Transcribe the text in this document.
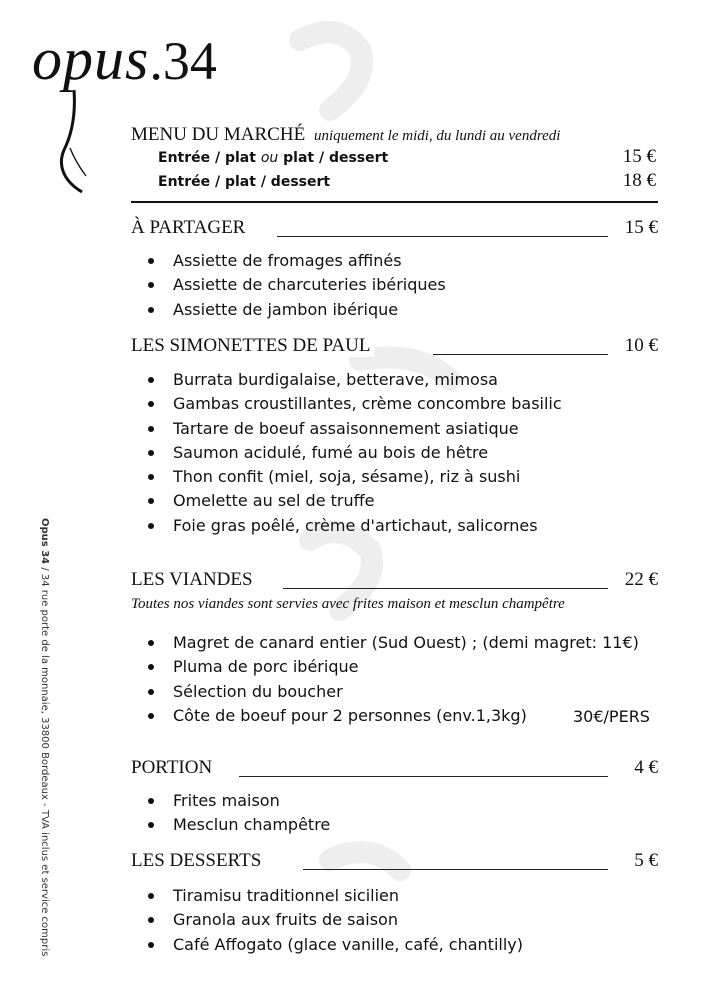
opus.34
Opus 34 / 34 rue porte de la monnaie, 33800 Bordeaux - TVA inclus et service compris
MENU DU MARCHÉ uniquement le midi, du lundi au vendredi
Entrée / plat ou plat / dessert	15 €
Entrée / plat / dessert	18 €
À PARTAGER	15 €
Assiette de fromages affinés
Assiette de charcuteries ibériques
Assiette de jambon ibérique
LES SIMONETTES DE PAUL	10 €
Burrata burdigalaise, betterave, mimosa
Gambas croustillantes, crème concombre basilic
Tartare de boeuf assaisonnement asiatique
Saumon acidulé, fumé au bois de hêtre
Thon confit (miel, soja, sésame), riz à sushi
Omelette au sel de truffe
Foie gras poêlé, crème d'artichaut, salicornes
LES VIANDES	22 €
Toutes nos viandes sont servies avec frites maison et mesclun champêtre
Magret de canard entier (Sud Ouest) ; (demi magret: 11€)
Pluma de porc ibérique
Sélection du boucher
Côte de boeuf pour 2 personnes (env.1,3kg)	30€/PERS
PORTION	4 €
Frites maison
Mesclun champêtre
LES DESSERTS	5 €
Tiramisu traditionnel sicilien
Granola aux fruits de saison
Café Affogato (glace vanille, café, chantilly)
